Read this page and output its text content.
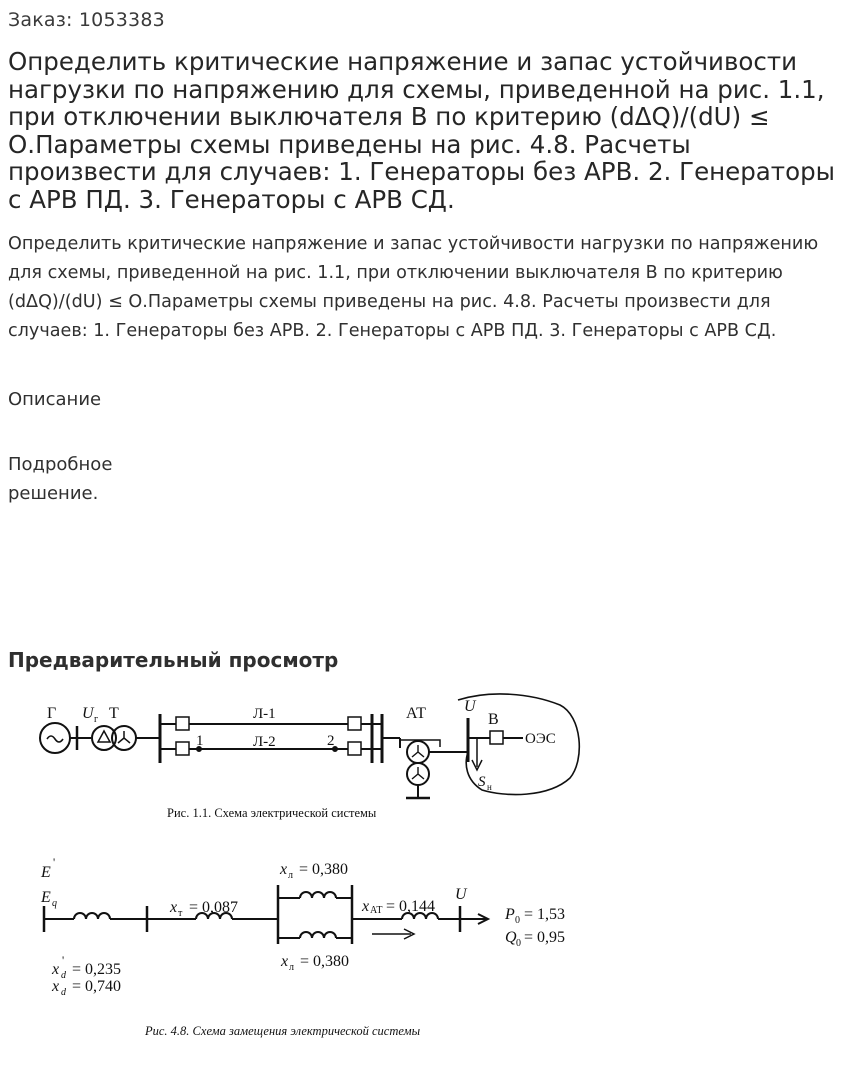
Заказ: 1053383
Определить критические напряжение и запас устойчивости нагрузки по напряжению для схемы, приведенной на рис. 1.1, при отключении выключателя В по критерию (dΔQ)/(dU) ≤ О.Параметры схемы приведены на рис. 4.8. Расчеты произвести для случаев: 1. Генераторы без АРВ. 2. Генераторы с АРВ ПД. 3. Генераторы с АРВ СД.

Определить критические напряжение и запас устойчивости нагрузки по напряжению для схемы, приведенной на рис. 1.1, при отключении выключателя В по критерию (dΔQ)/(dU) ≤ О.Параметры схемы приведены на рис. 4.8. Расчеты произвести для случаев: 1. Генераторы без АРВ. 2. Генераторы с АРВ ПД. 3. Генераторы с АРВ СД.

Описание
Подробное решение.
Предварительный просмотр
Г U г Т	Л-1
Л-2
1	2
АТ U
В
ОЭС
S н
Рис. 1.1. Схема электрической системы
E
'
E q	x т = 0,087
x л = 0,380
x л = 0,380
x АТ = 0,144
U
P 0 = 1,53
Q 0 = 0,95
x
'
d = 0,235
x d = 0,740
Рис. 4.8. Схема замещения электрической системы
